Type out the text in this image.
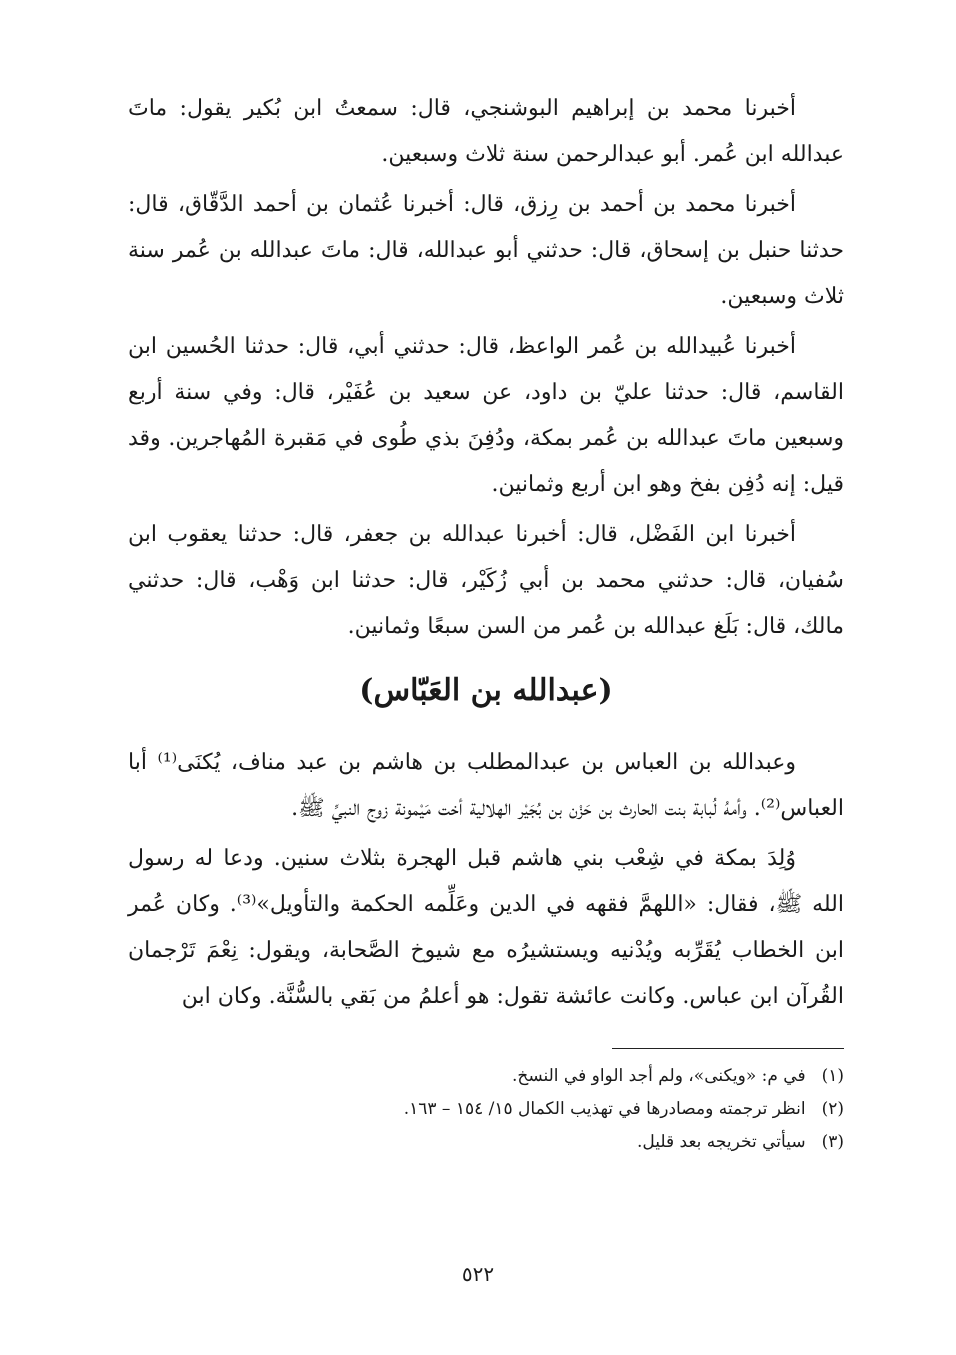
أخبرنا محمد بن إبراهيم البوشنجي، قال: سمعتُ ابن بُكير يقول: ماتَ عبدالله ابن عُمر. أبو عبدالرحمن سنة ثلاث وسبعين.

أخبرنا محمد بن أحمد بن رِزق، قال: أخبرنا عُثمان بن أحمد الدَّقّاق، قال: حدثنا حنبل بن إسحاق، قال: حدثني أبو عبدالله، قال: ماتَ عبدالله بن عُمر سنة ثلاث وسبعين.

أخبرنا عُبيدالله بن عُمر الواعظ، قال: حدثني أبي، قال: حدثنا الحُسين ابن القاسم، قال: حدثنا عليّ بن داود، عن سعيد بن عُفَيْر، قال: وفي سنة أربع وسبعين ماتَ عبدالله بن عُمر بمكة، ودُفِنَ بذي طُوى في مَقبرة المُهاجرين. وقد قيل: إنه دُفِن بفخ وهو ابن أربع وثمانين.

أخبرنا ابن الفَضْل، قال: أخبرنا عبدالله بن جعفر، قال: حدثنا يعقوب ابن سُفيان، قال: حدثني محمد بن أبي زُكَيْر، قال: حدثنا ابن وَهْب، قال: حدثني مالك، قال: بَلَغ عبدالله بن عُمر من السن سبعًا وثمانين.

(عبدالله بن العَبّاس)

وعبدالله بن العباس بن عبدالمطلب بن هاشم بن عبد مناف، يُكنَى⁽¹⁾ أبا العباس⁽²⁾. وأمهُ لُبابة بنت الحارث بن حَزْن بن بُجَيْر الهلالية أخت مَيْمونة زوج النبيِّ ﷺ.

وُلِدَ بمكة في شِعْب بني هاشم قبل الهجرة بثلاث سنين. ودعا له رسول الله ﷺ، فقال: «اللهمَّ فقهه في الدين وعَلِّمه الحكمة والتأويل»⁽³⁾. وكان عُمر ابن الخطاب يُقَرِّبه ويُدْنيه ويستشيرُه مع شيوخ الصَّحابة، ويقول: نِعْمَ تَرْجمان القُرآن ابن عباس. وكانت عائشة تقول: هو أعلمُ من بَقي بالسُّنَّة. وكان ابن

(١)في م: «ويكنى»، ولم أجد الواو في النسخ.

(٢)انظر ترجمته ومصادرها في تهذيب الكمال ١٥/ ١٥٤ – ١٦٣.

(٣)سيأتي تخريجه بعد قليل.

٥٢٢
